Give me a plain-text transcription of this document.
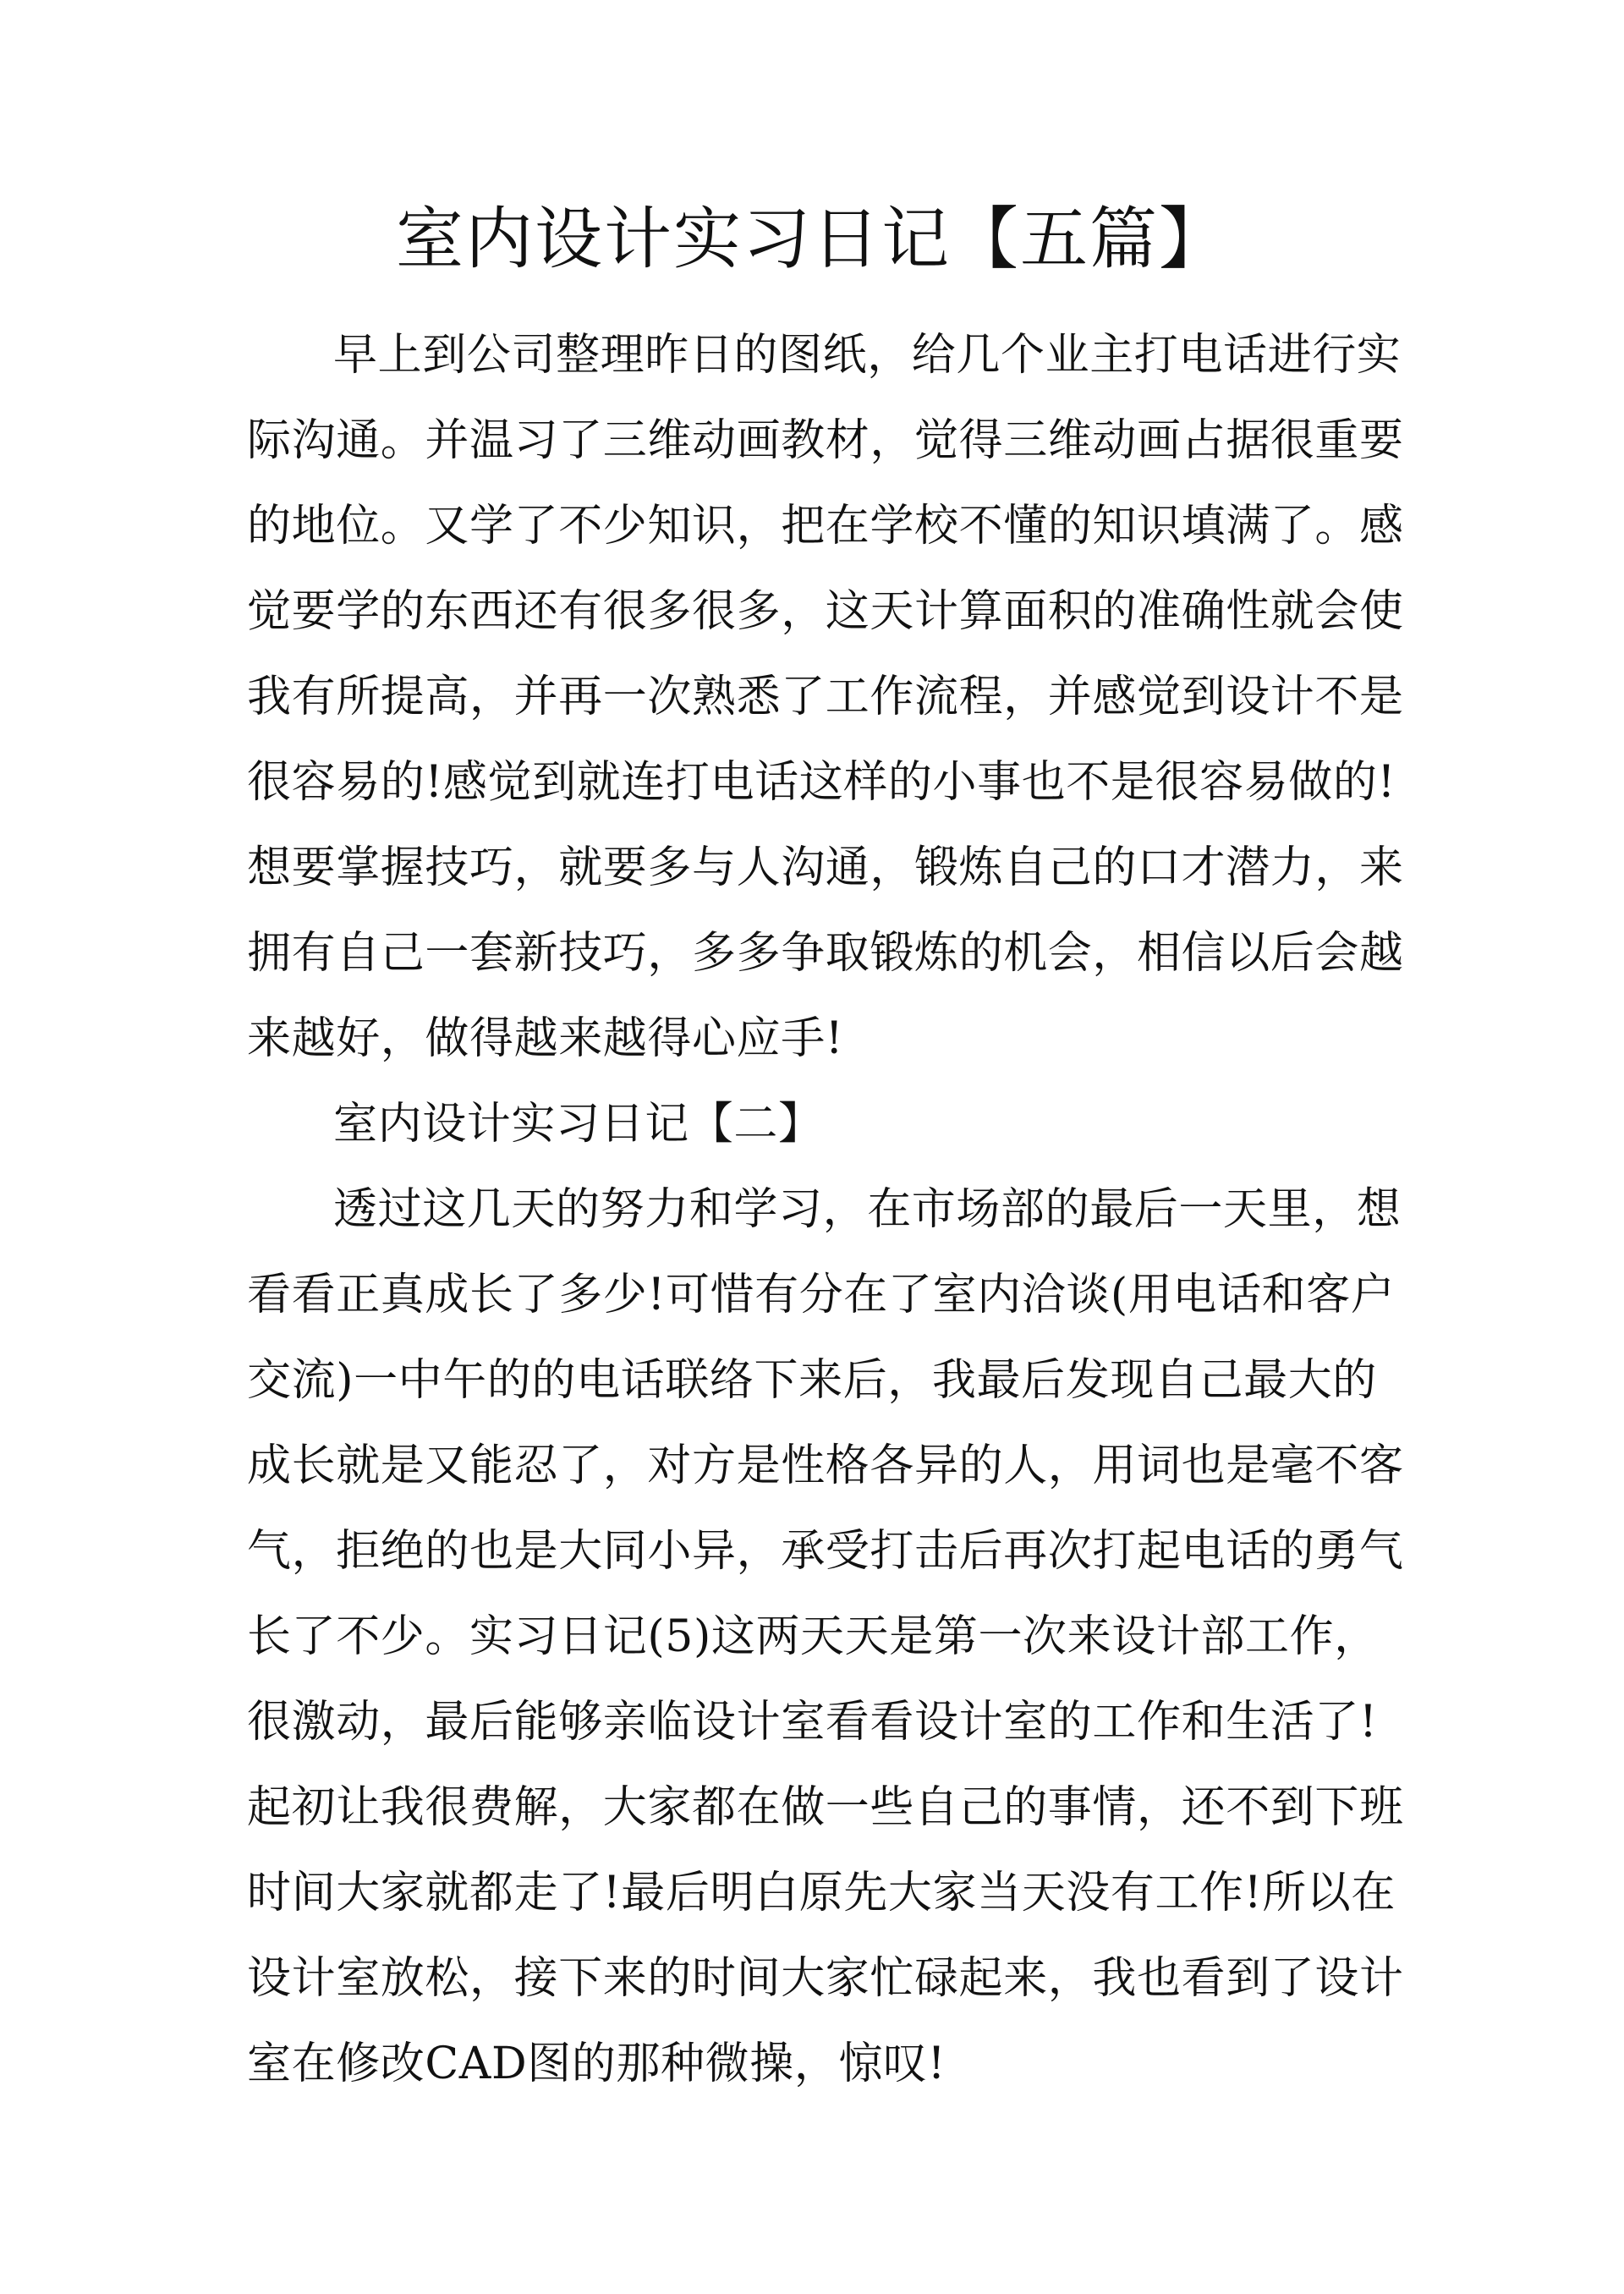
室内设计实习日记【五篇】
早上到公司整理昨日的图纸，给几个业主打电话进行实
际沟通。并温习了三维动画教材，觉得三维动画占据很重要
的地位。又学了不少知识，把在学校不懂的知识填满了。感
觉要学的东西还有很多很多，这天计算面积的准确性就会使
我有所提高，并再一次熟悉了工作流程，并感觉到设计不是
很容易的!感觉到就连打电话这样的小事也不是很容易做的!
想要掌握技巧，就要多与人沟通，锻炼自己的口才潜力，来
拥有自己一套新技巧，多多争取锻炼的机会，相信以后会越
来越好，做得越来越得心应手!
室内设计实习日记【二】
透过这几天的努力和学习，在市场部的最后一天里，想
看看正真成长了多少!可惜有分在了室内洽谈(用电话和客户
交流)一中午的的电话联络下来后，我最后发现自己最大的
成长就是又能忍了，对方是性格各异的人，用词也是毫不客
气，拒绝的也是大同小异，承受打击后再次打起电话的勇气
长了不少。实习日记(5)这两天天是第一次来设计部工作，
很激动，最后能够亲临设计室看看设计室的工作和生活了!
起初让我很费解，大家都在做一些自己的事情，还不到下班
时间大家就都走了!最后明白原先大家当天没有工作!所以在
设计室放松，接下来的时间大家忙碌起来，我也看到了设计
室在修改CAD图的那种微操，惊叹!
